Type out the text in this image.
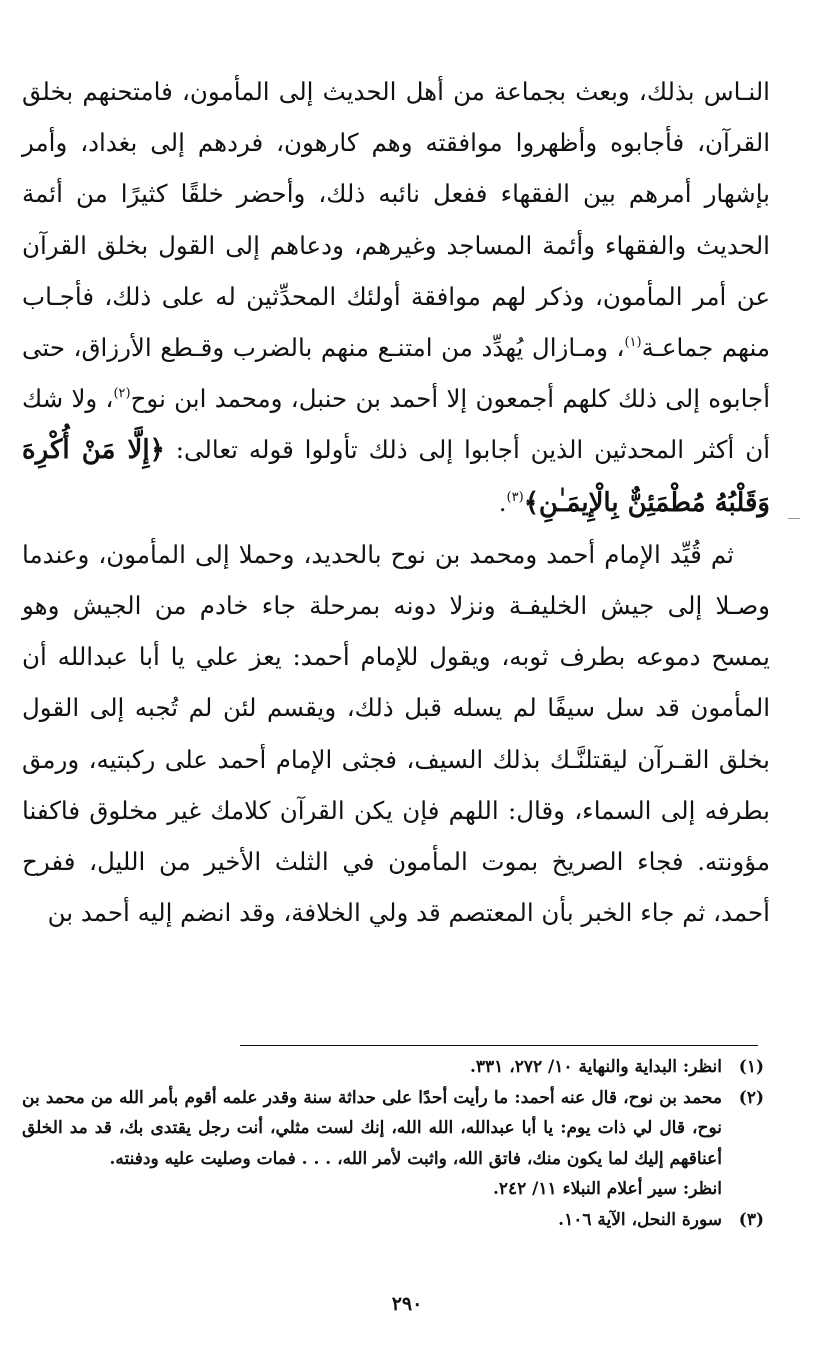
النـاس بذلك، وبعث بجماعة من أهل الحديث إلى المأمون، فامتحنهم بخلق القرآن، فأجابوه وأظهروا موافقته وهم كارهون، فردهم إلى بغداد، وأمر بإشهار أمرهم بين الفقهاء ففعل نائبه ذلك، وأحضر خلقًا كثيرًا من أئمة الحديث والفقهاء وأئمة المساجد وغيرهم، ودعاهم إلى القول بخلق القرآن عن أمر المأمون، وذكر لهم موافقة أولئك المحدِّثين له على ذلك، فأجـاب منهم جماعـة$^{(١)}$، ومـازال يُهدِّد من امتنـع منهم بالضرب وقـطع الأرزاق، حتى أجابوه إلى ذلك كلهم أجمعون إلا أحمد بن حنبل، ومحمد ابن نوح$^{(٢)}$، ولا شك أن أكثر المحدثين الذين أجابوا إلى ذلك تأولوا قوله تعالى: ﴿إِلَّا مَنْ أُكْرِهَ وَقَلْبُهُ مُطْمَئِنٌّ بِالْإِيمَـٰنِ﴾$^{(٣)}$.

ثم قُيِّد الإمام أحمد ومحمد بن نوح بالحديد، وحملا إلى المأمون، وعندما وصـلا إلى جيش الخليفـة ونزلا دونه بمرحلة جاء خادم من الجيش وهو يمسح دموعه بطرف ثوبه، ويقول للإمام أحمد: يعز علي يا أبا عبدالله أن المأمون قد سل سيفًا لم يسله قبل ذلك، ويقسم لئن لم تُجبه إلى القول بخلق القـرآن ليقتلنَّـك بذلك السيف، فجثى الإمام أحمد على ركبتيه، ورمق بطرفه إلى السماء، وقال: اللهم فإن يكن القرآن كلامك غير مخلوق فاكفنا مؤونته. فجاء الصريخ بموت المأمون في الثلث الأخير من الليل، ففرح أحمد، ثم جاء الخبر بأن المعتصم قد ولي الخلافة، وقد انضم إليه أحمد بن

(١)
انظر: البداية والنهاية ١٠/ ٢٧٢، ٣٣١.
(٢)
محمد بن نوح، قال عنه أحمد: ما رأيت أحدًا على حداثة سنة وقدر علمه أقوم بأمر الله من محمد بن نوح، قال لي ذات يوم: يا أبا عبدالله، الله الله، إنك لست مثلي، أنت رجل يقتدى بك، قد مد الخلق أعناقهم إليك لما يكون منك، فاتق الله، واثبت لأمر الله، . . . فمات وصليت عليه ودفنته.
انظر: سير أعلام النبلاء ١١/ ٢٤٢.
(٣)
سورة النحل، الآية ١٠٦.
٢٩٠
